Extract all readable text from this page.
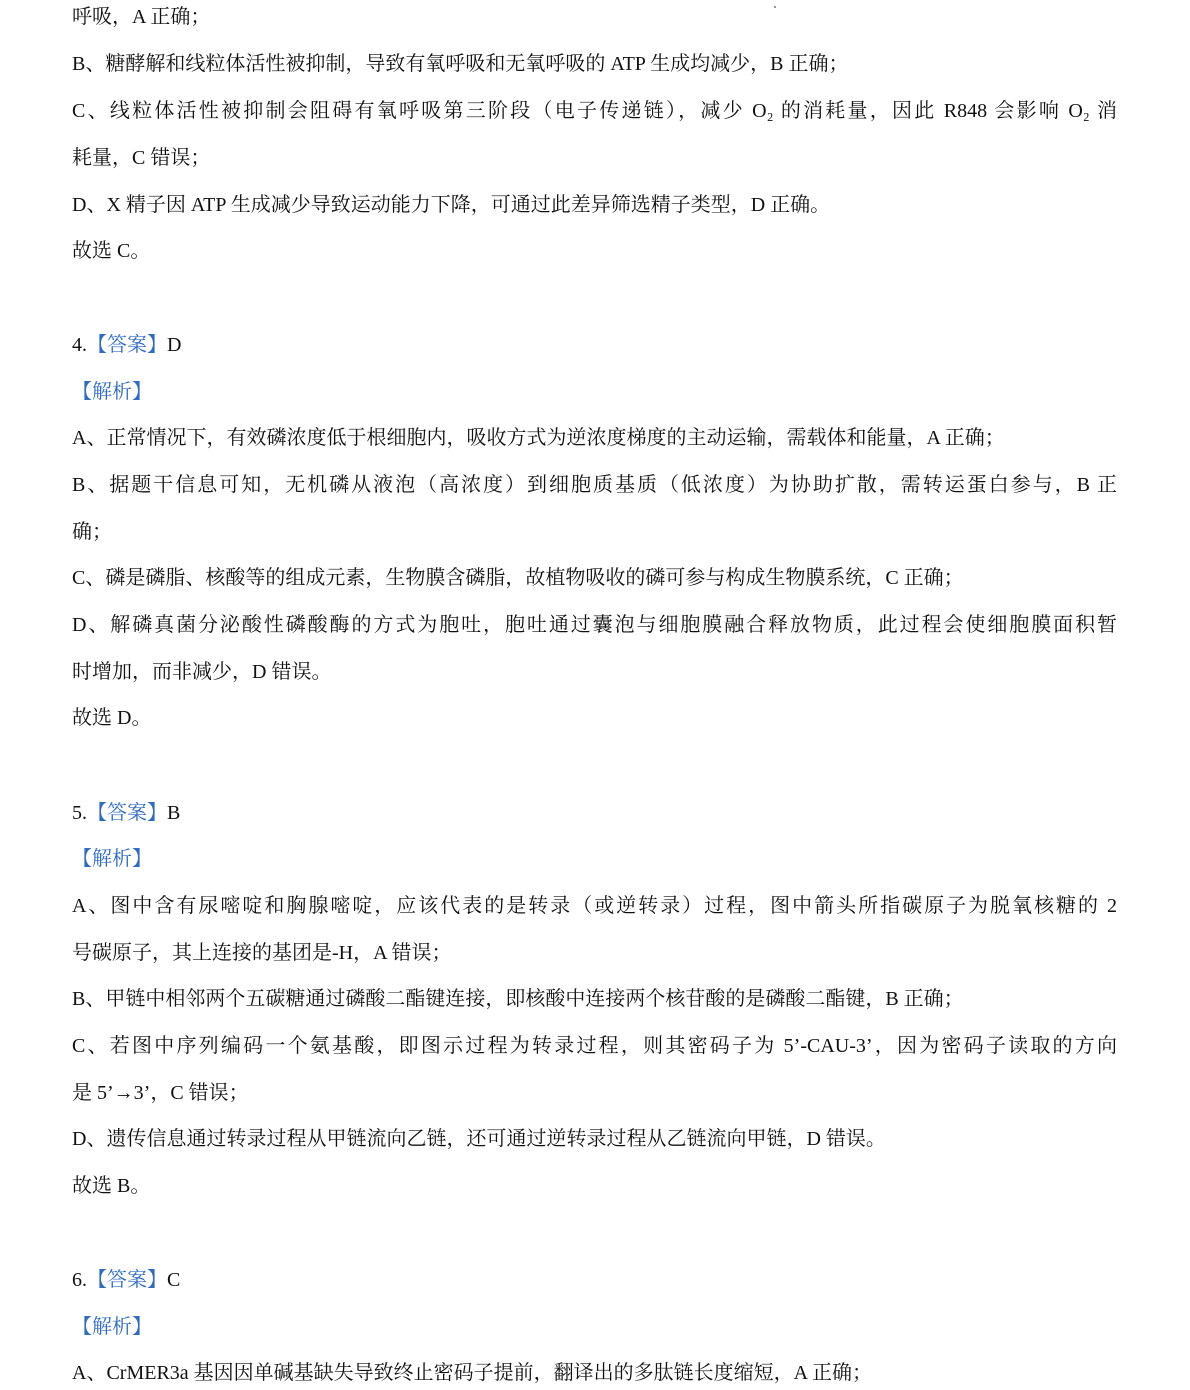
呼吸，A 正确；
B、糖酵解和线粒体活性被抑制，导致有氧呼吸和无氧呼吸的 ATP 生成均减少，B 正确；
C、线粒体活性被抑制会阻碍有氧呼吸第三阶段（电子传递链），减少 O₂ 的消耗量，因此 R848 会影响 O₂ 消
耗量，C 错误；
D、X 精子因 ATP 生成减少导致运动能力下降，可通过此差异筛选精子类型，D 正确。
故选 C。
4.【答案】D
【解析】
A、正常情况下，有效磷浓度低于根细胞内，吸收方式为逆浓度梯度的主动运输，需载体和能量，A 正确；
B、据题干信息可知，无机磷从液泡（高浓度）到细胞质基质（低浓度）为协助扩散，需转运蛋白参与，B 正
确；
C、磷是磷脂、核酸等的组成元素，生物膜含磷脂，故植物吸收的磷可参与构成生物膜系统，C 正确；
D、解磷真菌分泌酸性磷酸酶的方式为胞吐，胞吐通过囊泡与细胞膜融合释放物质，此过程会使细胞膜面积暂
时增加，而非减少，D 错误。
故选 D。
5.【答案】B
【解析】
A、图中含有尿嘧啶和胸腺嘧啶，应该代表的是转录（或逆转录）过程，图中箭头所指碳原子为脱氧核糖的 2
号碳原子，其上连接的基团是-H，A 错误；
B、甲链中相邻两个五碳糖通过磷酸二酯键连接，即核酸中连接两个核苷酸的是磷酸二酯键，B 正确；
C、若图中序列编码一个氨基酸，即图示过程为转录过程，则其密码子为 5’-CAU-3’，因为密码子读取的方向
是 5’→3’，C 错误；
D、遗传信息通过转录过程从甲链流向乙链，还可通过逆转录过程从乙链流向甲链，D 错误。
故选 B。
6.【答案】C
【解析】
A、CrMER3a 基因因单碱基缺失导致终止密码子提前，翻译出的多肽链长度缩短，A 正确；
